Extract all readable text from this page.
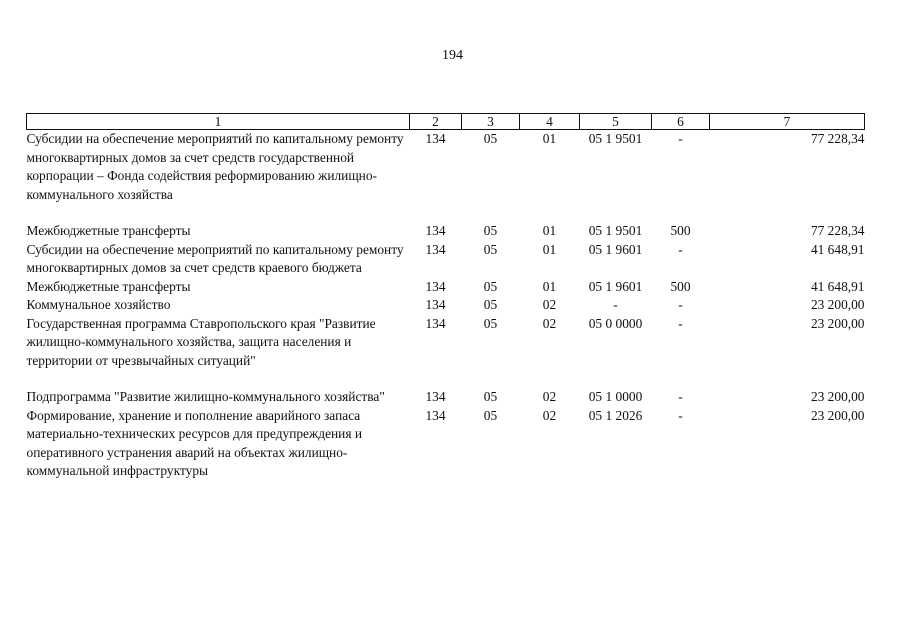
194
1	2	3	4	5	6	7
Субсидии на обеспечение мероприятий по капитальному ремонту многоквартирных домов за счет средств государственной корпорации – Фонда содействия реформированию жилищно-коммунального хозяйства	134	05	01	05 1 9501	-	77 228,34
Межбюджетные трансферты	134	05	01	05 1 9501	500	77 228,34
Субсидии на обеспечение мероприятий по капитальному ремонту многоквартирных домов за счет средств краевого бюджета	134	05	01	05 1 9601	-	41 648,91
Межбюджетные трансферты	134	05	01	05 1 9601	500	41 648,91
Коммунальное хозяйство	134	05	02	-	-	23 200,00
Государственная программа Ставропольского края "Развитие жилищно-коммунального хозяйства, защита населения и территории от чрезвычайных ситуаций"	134	05	02	05 0 0000	-	23 200,00
Подпрограмма "Развитие жилищно-коммунального хозяйства"	134	05	02	05 1 0000	-	23 200,00
Формирование, хранение и пополнение аварийного запаса материально-технических ресурсов для предупреждения и оперативного устранения аварий на объектах жилищно-коммунальной инфраструктуры	134	05	02	05 1 2026	-	23 200,00
